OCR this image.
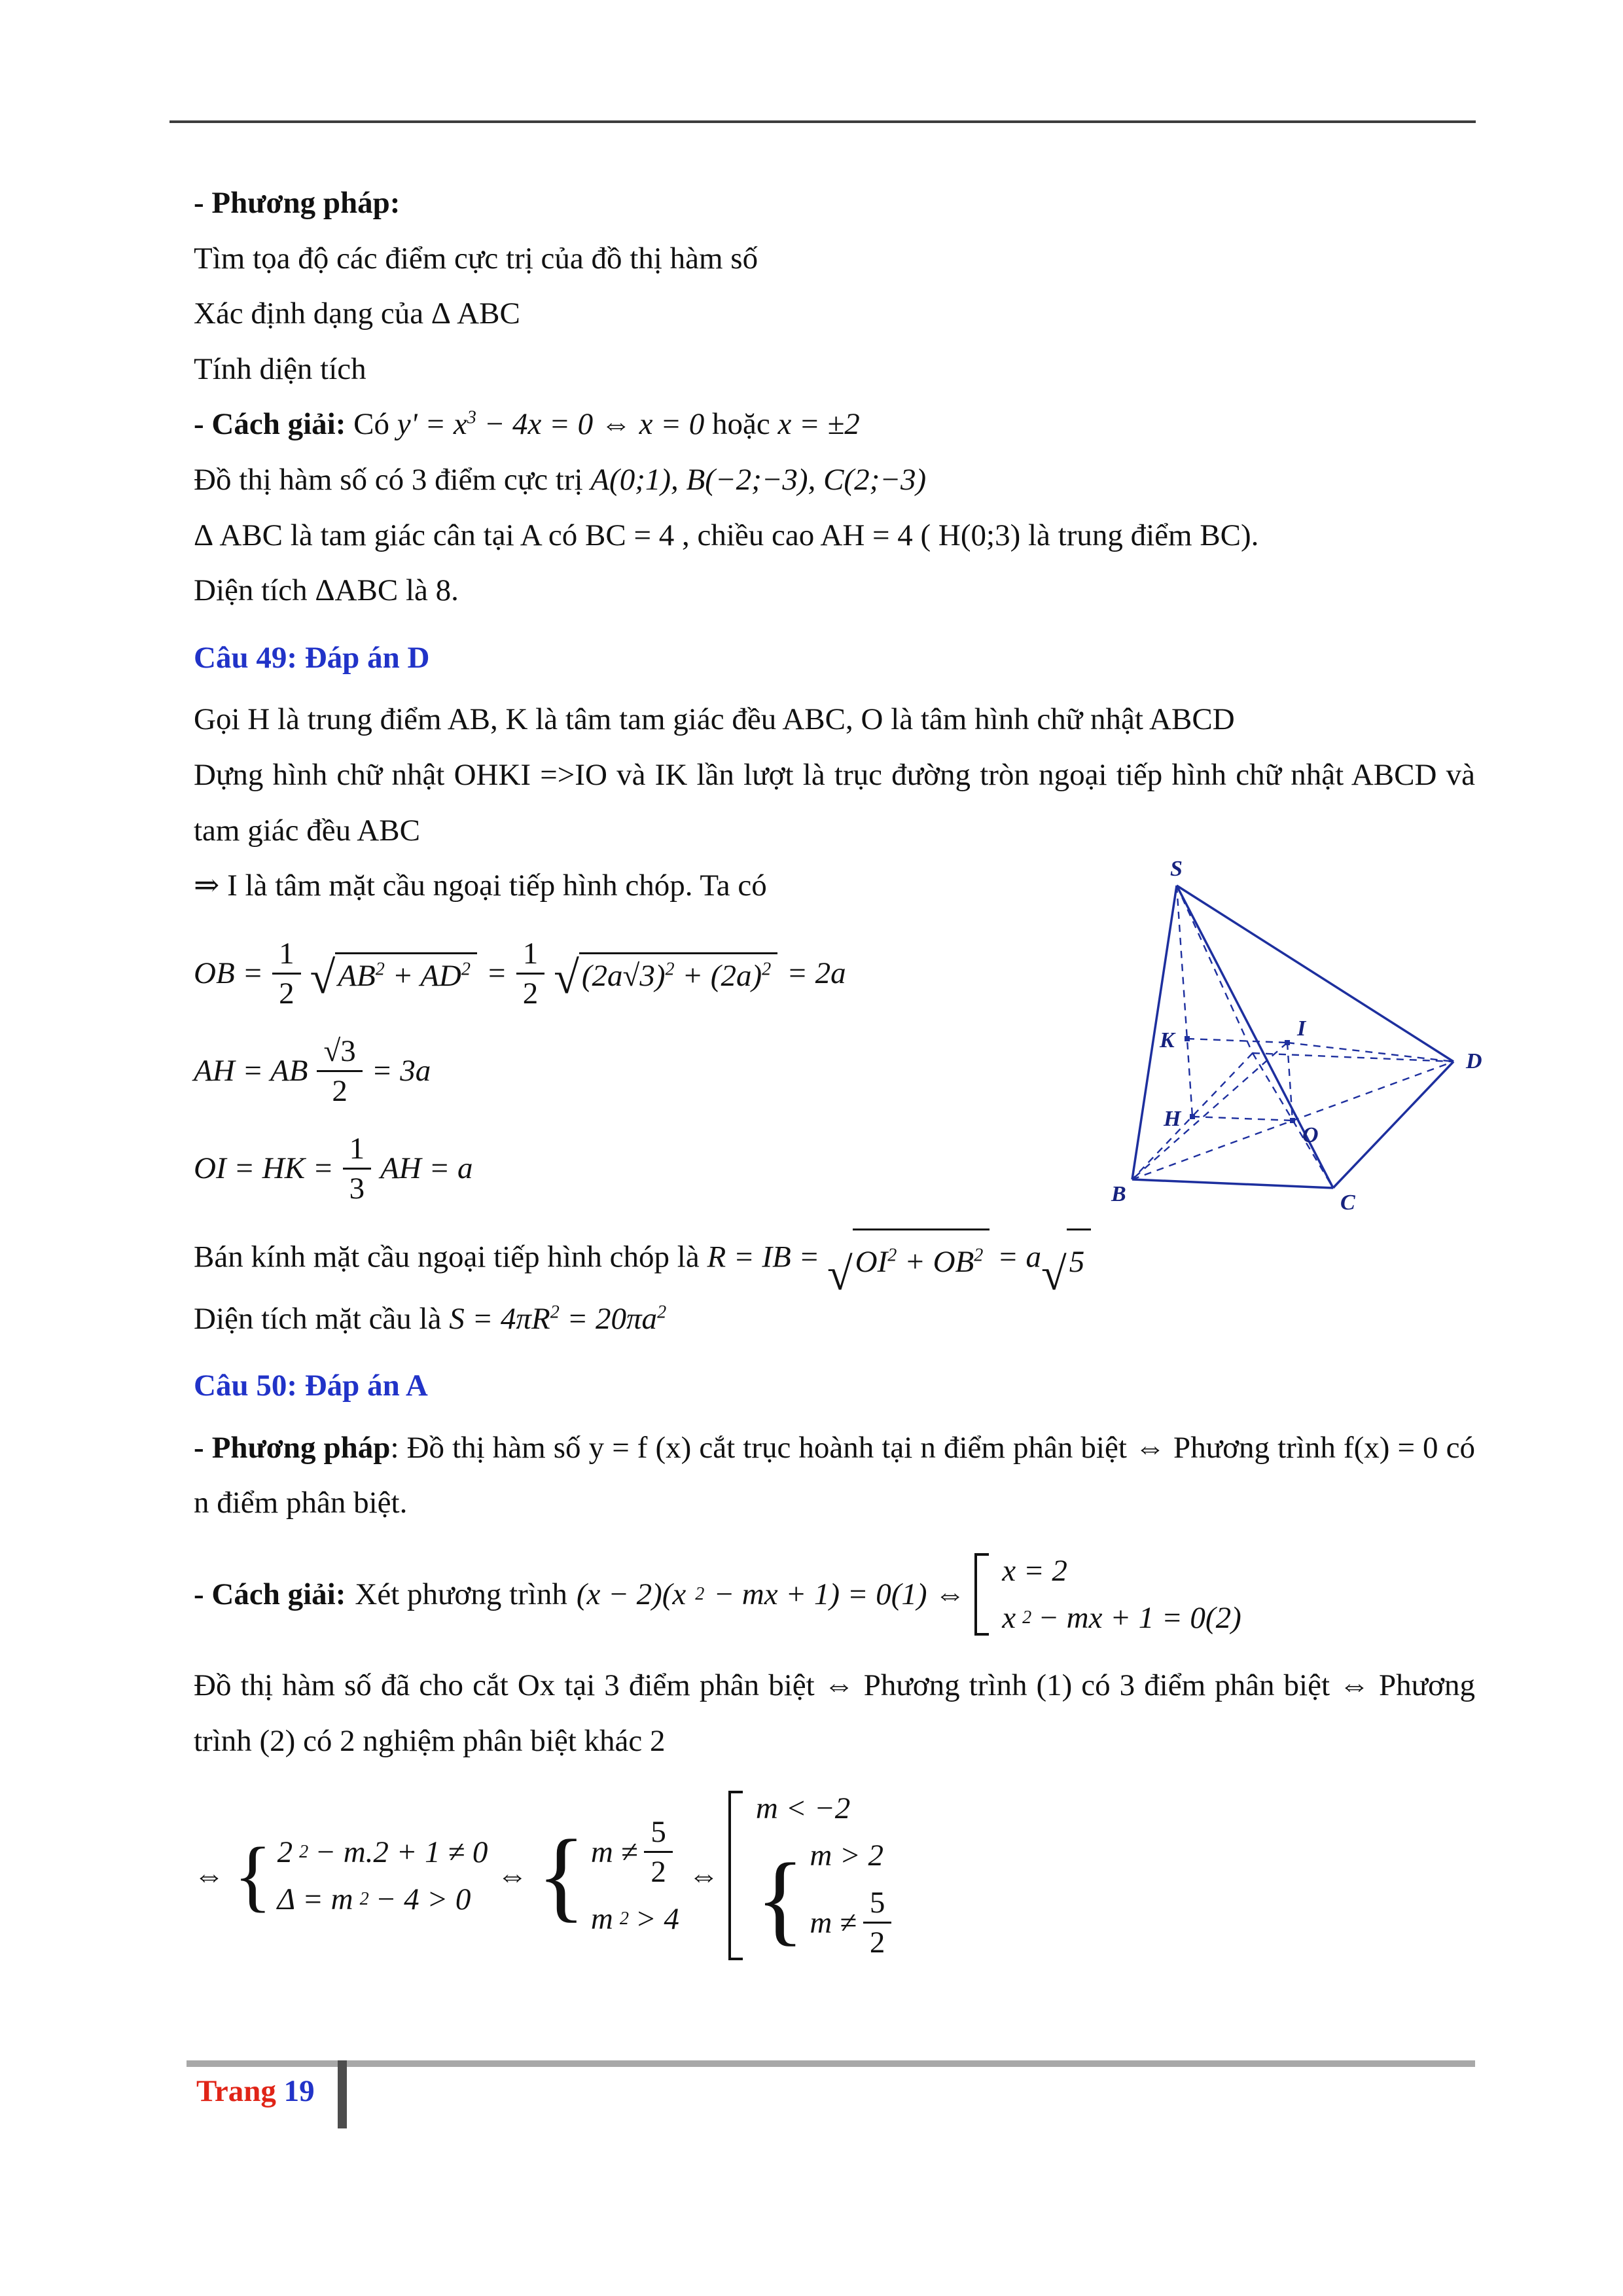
- Phương pháp:

Tìm tọa độ các điểm cực trị của đồ thị hàm số

Xác định dạng của Δ ABC

Tính diện tích

- Cách giải: Có $y' = x^3 - 4x = 0$ ⇔ x = 0 hoặc x = ±2

Đồ thị hàm số có 3 điểm cực trị A(0;1), B(−2;−3), C(2;−3)

Δ ABC là tam giác cân tại A có BC = 4 , chiều cao AH = 4 ( H(0;3) là trung điểm BC).

Diện tích ΔABC là 8.

Câu 49: Đáp án D

Gọi H là trung điểm AB, K là tâm tam giác đều ABC, O là tâm hình chữ nhật ABCD

Dựng hình chữ nhật OHKI =>IO và IK lần lượt là trục đường tròn ngoại tiếp hình chữ nhật ABCD và tam giác đều ABC

⇒ I là tâm mặt cầu ngoại tiếp hình chóp. Ta có

OB = $\frac{1}{2}$ √ $AB^2 + AD^2 = \frac{1}{2}$ √ $(2a√3)^2 + (2a)^2 = 2a$
AH = AB $\frac{√3}{2} = 3a$
OI = HK = $\frac{1}{3}$ AH = a

Bán kính mặt cầu ngoại tiếp hình chóp là R = IB = √ $OI^2 + OB^2 = a$ √ 5

Diện tích mặt cầu là $S = 4\pi R^2 = 20\pi a^2$

Câu 50: Đáp án A

- Phương pháp: Đồ thị hàm số y = f (x) cắt trục hoành tại n điểm phân biệt ⇔ Phương trình f(x) = 0 có n điểm phân biệt.

- Cách giải: Xét phương trình (x − 2)(x 2 − mx + 1) = 0(1) ⇔
x = 2
x 2 − mx + 1 = 0(2)

Đồ thị hàm số đã cho cắt Ox tại 3 điểm phân biệt ⇔ Phương trình (1) có 3 điểm phân biệt ⇔ Phương trình (2) có 2 nghiệm phân biệt khác 2

⇔
{ 2 2 − m.2 + 1 ≠ 0
Δ = m 2 − 4 > 0
⇔
{ $m \ne \frac{5}{2}$
m 2 > 4
⇔
m < −2
{ m > 2
$m \ne \frac{5}{2}$
S
K	I
H
O
B	C
D
Trang 19
